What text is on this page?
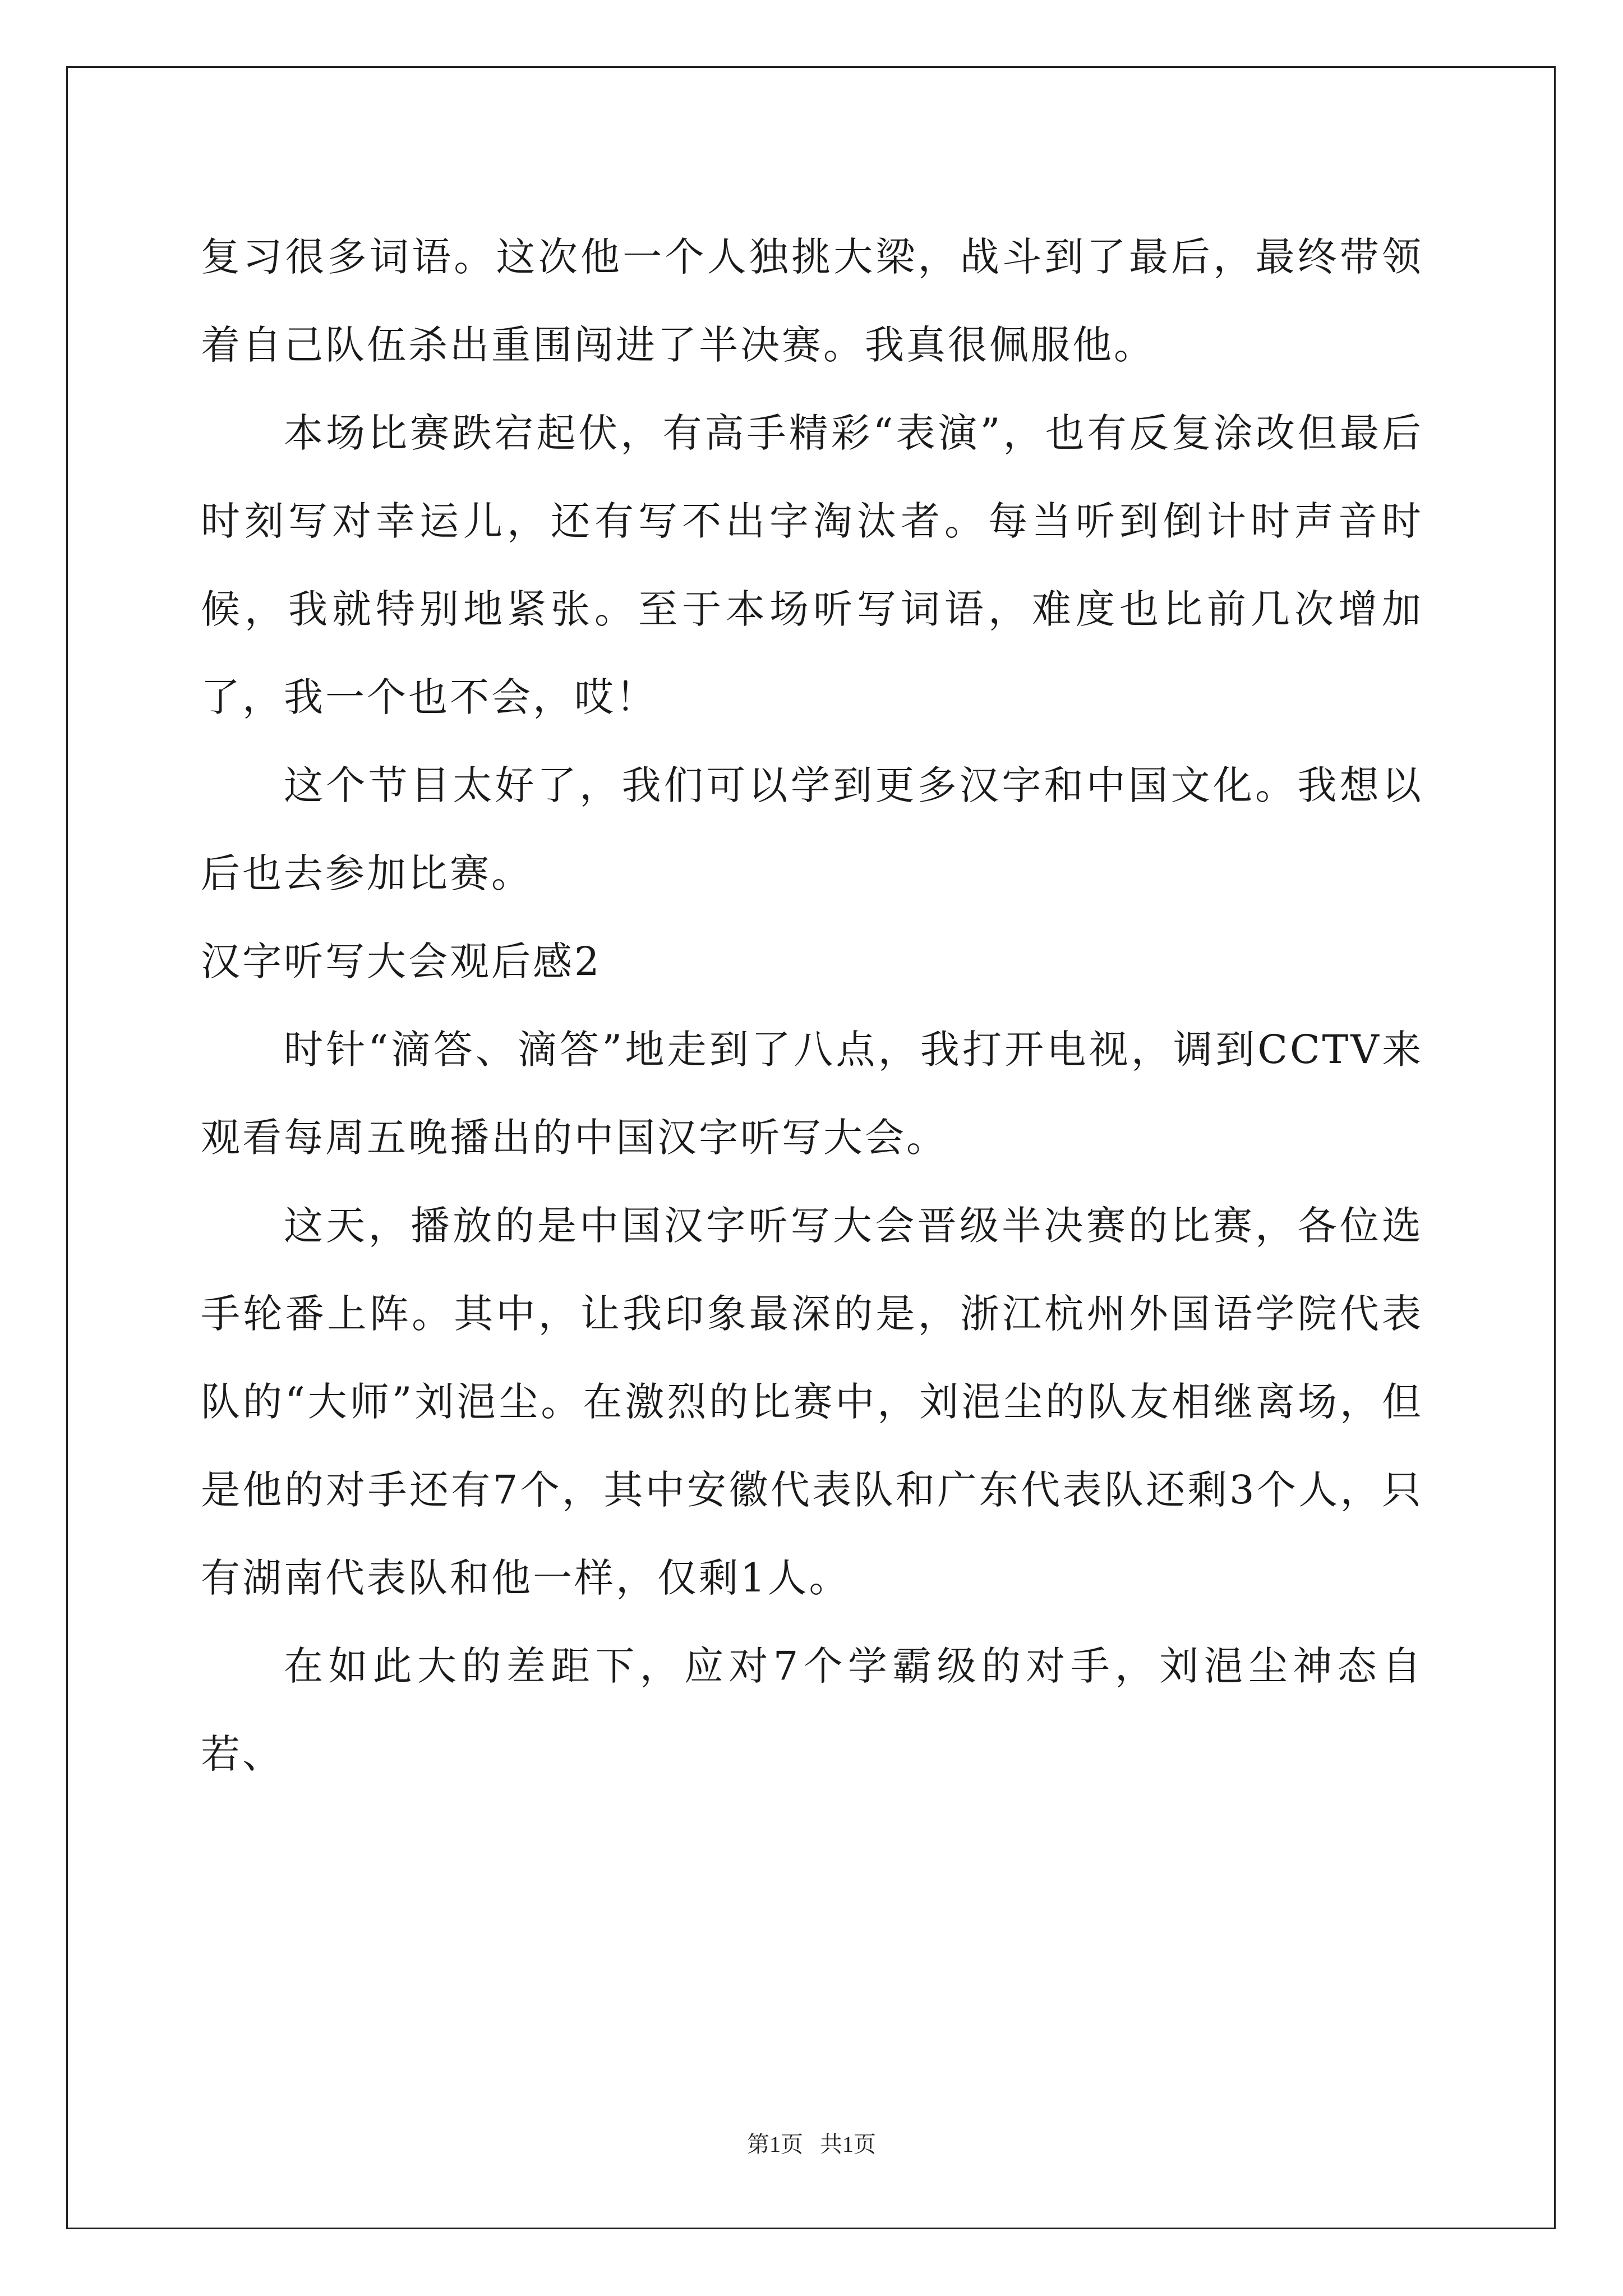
复习很多词语。这次他一个人独挑大梁，战斗到了最后，最终带领着自己队伍杀出重围闯进了半决赛。我真很佩服他。

本场比赛跌宕起伏，有高手精彩“表演”，也有反复涂改但最后时刻写对幸运儿，还有写不出字淘汰者。每当听到倒计时声音时候，我就特别地紧张。至于本场听写词语，难度也比前几次增加了，我一个也不会，哎！

这个节目太好了，我们可以学到更多汉字和中国文化。我想以后也去参加比赛。

汉字听写大会观后感2

时针“滴答、滴答”地走到了八点，我打开电视，调到CCTV来观看每周五晚播出的中国汉字听写大会。

这天，播放的是中国汉字听写大会晋级半决赛的比赛，各位选手轮番上阵。其中，让我印象最深的是，浙江杭州外国语学院代表队的“大师”刘浥尘。在激烈的比赛中，刘浥尘的队友相继离场，但是他的对手还有7个，其中安徽代表队和广东代表队还剩3个人，只有湖南代表队和他一样，仅剩1人。

在如此大的差距下，应对7个学霸级的对手，刘浥尘神态自若、

第1页 共1页
